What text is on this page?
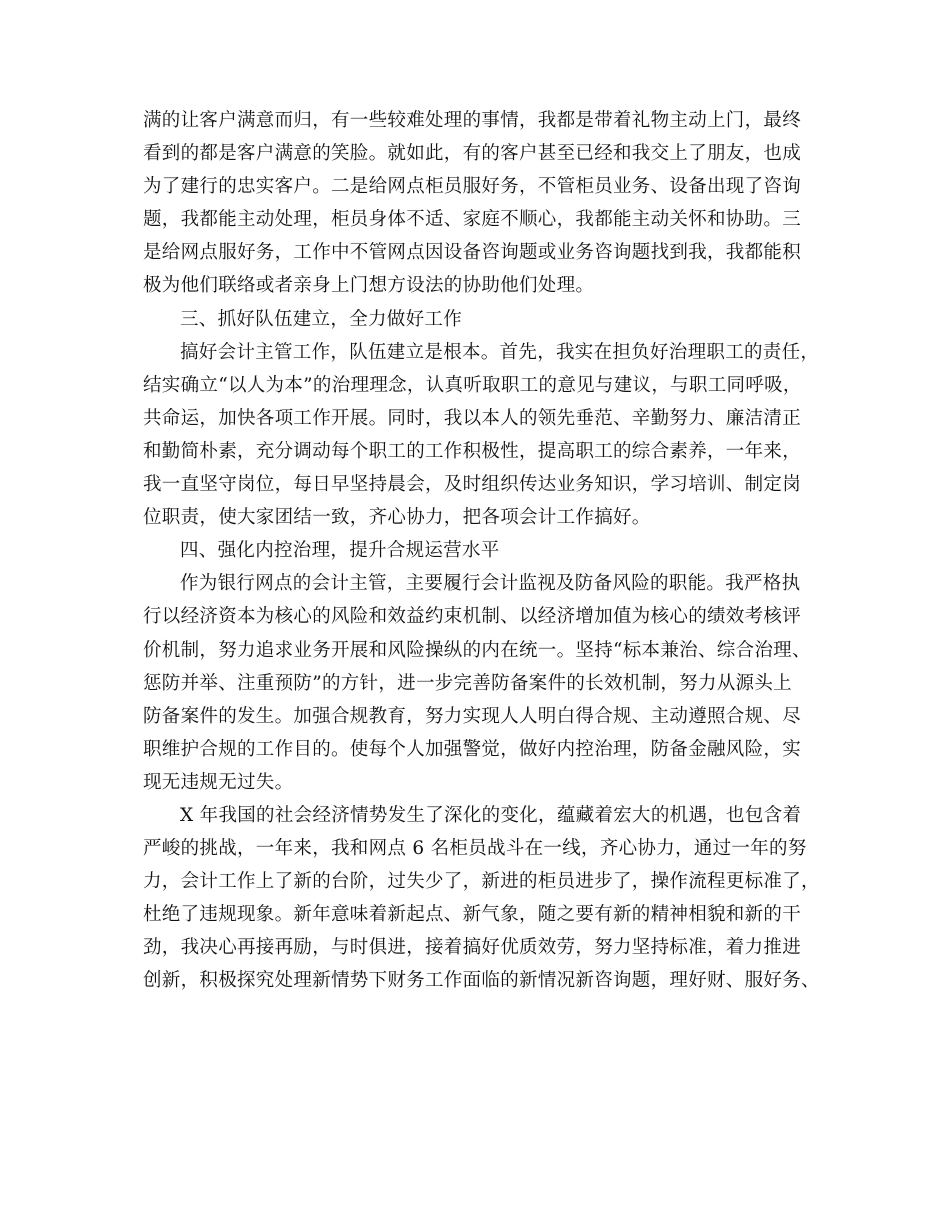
满的让客户满意而归，有一些较难处理的事情，我都是带着礼物主动上门，最终
看到的都是客户满意的笑脸。就如此，有的客户甚至已经和我交上了朋友，也成
为了建行的忠实客户。二是给网点柜员服好务，不管柜员业务、设备出现了咨询
题，我都能主动处理，柜员身体不适、家庭不顺心，我都能主动关怀和协助。三
是给网点服好务，工作中不管网点因设备咨询题或业务咨询题找到我，我都能积
极为他们联络或者亲身上门想方设法的协助他们处理。
三、抓好队伍建立，全力做好工作
搞好会计主管工作，队伍建立是根本。首先，我实在担负好治理职工的责任，
结实确立“以人为本”的治理理念，认真听取职工的意见与建议，与职工同呼吸，
共命运，加快各项工作开展。同时，我以本人的领先垂范、辛勤努力、廉洁清正
和勤简朴素，充分调动每个职工的工作积极性，提高职工的综合素养，一年来，
我一直坚守岗位，每日早坚持晨会，及时组织传达业务知识，学习培训、制定岗
位职责，使大家团结一致，齐心协力，把各项会计工作搞好。
四、强化内控治理，提升合规运营水平
作为银行网点的会计主管，主要履行会计监视及防备风险的职能。我严格执
行以经济资本为核心的风险和效益约束机制、以经济增加值为核心的绩效考核评
价机制，努力追求业务开展和风险操纵的内在统一。坚持“标本兼治、综合治理、
惩防并举、注重预防”的方针，进一步完善防备案件的长效机制，努力从源头上
防备案件的发生。加强合规教育，努力实现人人明白得合规、主动遵照合规、尽
职维护合规的工作目的。使每个人加强警觉，做好内控治理，防备金融风险，实
现无违规无过失。
X 年我国的社会经济情势发生了深化的变化，蕴藏着宏大的机遇，也包含着
严峻的挑战，一年来，我和网点 6 名柜员战斗在一线，齐心协力，通过一年的努
力，会计工作上了新的台阶，过失少了，新进的柜员进步了，操作流程更标准了，
杜绝了违规现象。新年意味着新起点、新气象，随之要有新的精神相貌和新的干
劲，我决心再接再励，与时俱进，接着搞好优质效劳，努力坚持标准，着力推进
创新，积极探究处理新情势下财务工作面临的新情况新咨询题，理好财、服好务、
